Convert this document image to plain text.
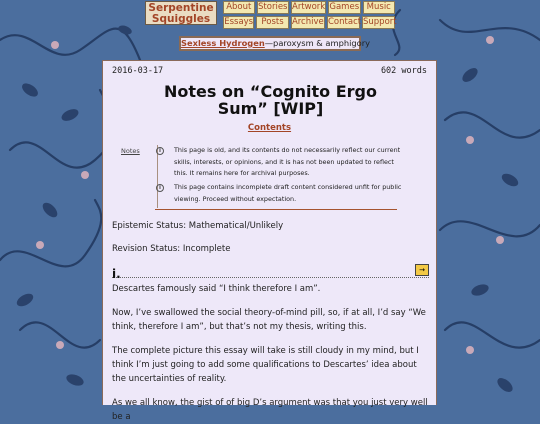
Serpentine
Squiggles
About Stories Artwork Games Music
Essays Posts Archive Contact Support
Sexless Hydrogen—paroxysm & amphigory
2016-03-17	602 words
Notes on “Cognito Ergo Sum” [WIP]
Contents
Notes	i	This page is old, and its contents do not necessarily reflect our current skills, interests, or opinions, and it is has not been updated to reflect this. It remains here for archival purposes.
i	This page contains incomplete draft content considered unfit for public viewing. Proceed without expectation.
Epistemic Status: Mathematical/Unlikely
Revision Status: Incomplete
i.	→
Descartes famously said “I think therefore I am”.
Now, I’ve swallowed the social theory-of-mind pill, so, if at all, I’d say “We think, therefore I am”, but that’s not my thesis, writing this.
The complete picture this essay will take is still cloudy in my mind, but I think I’m just going to add some qualifications to Descartes’ idea about the uncertainties of reality.
As we all know, the gist of of big D’s argument was that you just very well be a
